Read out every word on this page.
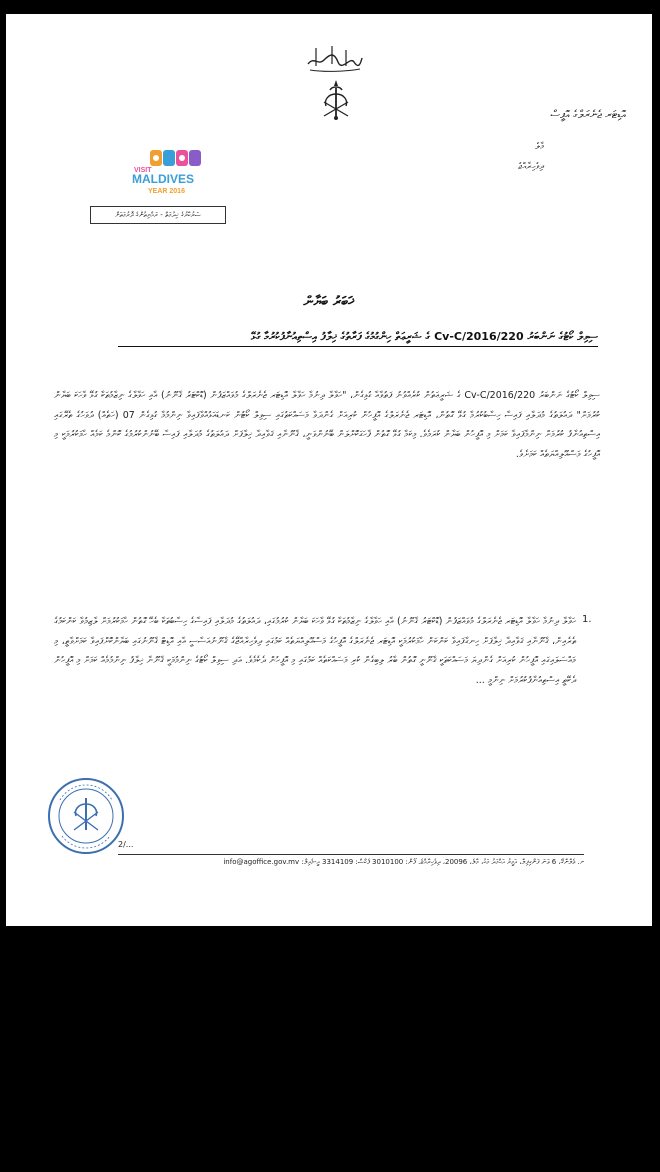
އޮޑިޓަރ ޖެނެރަލްގެ އޮފީސް
މާލެ
ދިވެހިރާއްޖެ
VISIT
MALDIVES
YEAR 2016
ސަރުކާރުގެ ޚިދުމަތް - ރައްޔިތުންގެ ދޮރުމަތަށް
ޚަބަރު ބަޔާން
ސިވިލް ކޯޓުގެ ނަންބަރު 220/Cv-C/2016 ގެ ޝަރީޢަތް ހިންގުމުގެ ފަރާތުގެ ޚިލާފު އިސްތިއުނާފުކުރުމާ ގުޅޭ
ސިވިލް ކޯޓުގެ ނަންބަރު 220/Cv-C/2016 ގެ ޝަރީޢަތުން ކުރެއްވުނު ފަތުވާއާ ގުޅިގެން، "ހަވާލާ ދިނުމާ ހަވާލާ އޮޑިޓަރ ޖެނެރަލްގެ މުވައްޒަފުން (ޑޮކްޓަރު ޤާނޫނު) އާއި ހަވާލާގެ ނިޒާމުތަކާ ގުޅޭ ވާހަކަ ބަޔާން ކުރުމަށް" ދައުލަތުގެ މުދަލާއި ފައިސާ ހިސާބުކުރުމާ ގުޅޭ ގޮތުން، އޮޑިޓަރ ޖެނެރަލްގެ އޮފީހުން ކުރިއަށް ގެންދަވާ މަސައްކަތުގައި ސިވިލް ކޯޓުން ކަނޑައަޅުއްވާފައިވާ ނިންމުމާ ގުޅިގެން 07 (ހަތެއް) ދުވަހުގެ ތެރޭގައި އިސްތިއުނާފު ކުރުމަށް ނިންމާފައިވާ ކަމަށް މި އޮފީހުން ބަޔާން ކުރަމެވެ. މިކަމާ ގުޅޭ ގޮތުން ފާހަގަކޮށްލަން ބޭނުންވަނީ، ޤާނޫނާއި ޤަވާއިދާ ޚިލާފަށް ދައުލަތުގެ މުދަލާއި ފައިސާ ބޭނުންކުރުމުގެ ކޮންމެ ކަމެއް ހާމަކުރުމަކީ މި އޮފީހުގެ މަސްއޫލިއްޔަތެއް ކަމަށެވެ.
1.
ހަވާލާ ދިނުމާ ހަވާލާ އޮޑިޓަރ ޖެނެރަލްގެ މުވައްޒަފުން (ޑޮކްޓަރު ޤާނޫނު) އާއި ހަވާލާގެ ނިޒާމުތަކާ ގުޅޭ ވާހަކަ ބަޔާން ކުރުމުގައި، ދައުލަތުގެ މުދަލާއި ފައިސާގެ ހިސާބުތަކާ ބެހޭ ގޮތުން ހާމަކުރުމަށް ލާޒިމުވާ ކަންކަމުގެ ތެރެއިން، ޤާނޫނާއި ޤަވާއިދާ ޚިލާފަށް ހިނގާފައިވާ ކަންކަން ހާމަކުރުމަކީ އޮޑިޓަރ ޖެނެރަލްގެ އޮފީހުގެ މަސްއޫލިއްޔަތެއް ކަމުގައި ދިވެހިރާއްޖޭގެ ޤާނޫނުއަސާސީ އާއި އޮޑިޓް ޤާނޫނުގައި ބަޔާންކޮށްފައިވާ ކަމަށްވާތީ، މި މައްސަލައިގައި އޮފީހުން ކުރިއަށް ގެންދިޔަ މަސައްކަތަކީ ޤާނޫނީ ގޮތުން ބާރު ލިބިގެން ކުރި މަސައްކަތެއް ކަމުގައި މި އޮފީހުން ދެކެމެވެ. އަދި ސިވިލް ކޯޓުގެ ނިންމުމަކީ ޤާނޫނާ ޚިލާފު ނިންމުމެއް ކަމަށް މި އޮފީހުން ދެކޭތީ އިސްތިއުނާފުކުރުމަށް ނިންމީ ...
2/...
ށ. ވެލާނާގޭ، 6 ވަނަ ފަންގިފިލާ، އަމީރު އަޙްމަދު މަގު، މާލެ، 20096، ދިވެހިރާއްޖެ. ފޯން: 3010100 ފެކްސް: 3314109 އީ-މެއިލް: info@agoffice.gov.mv
